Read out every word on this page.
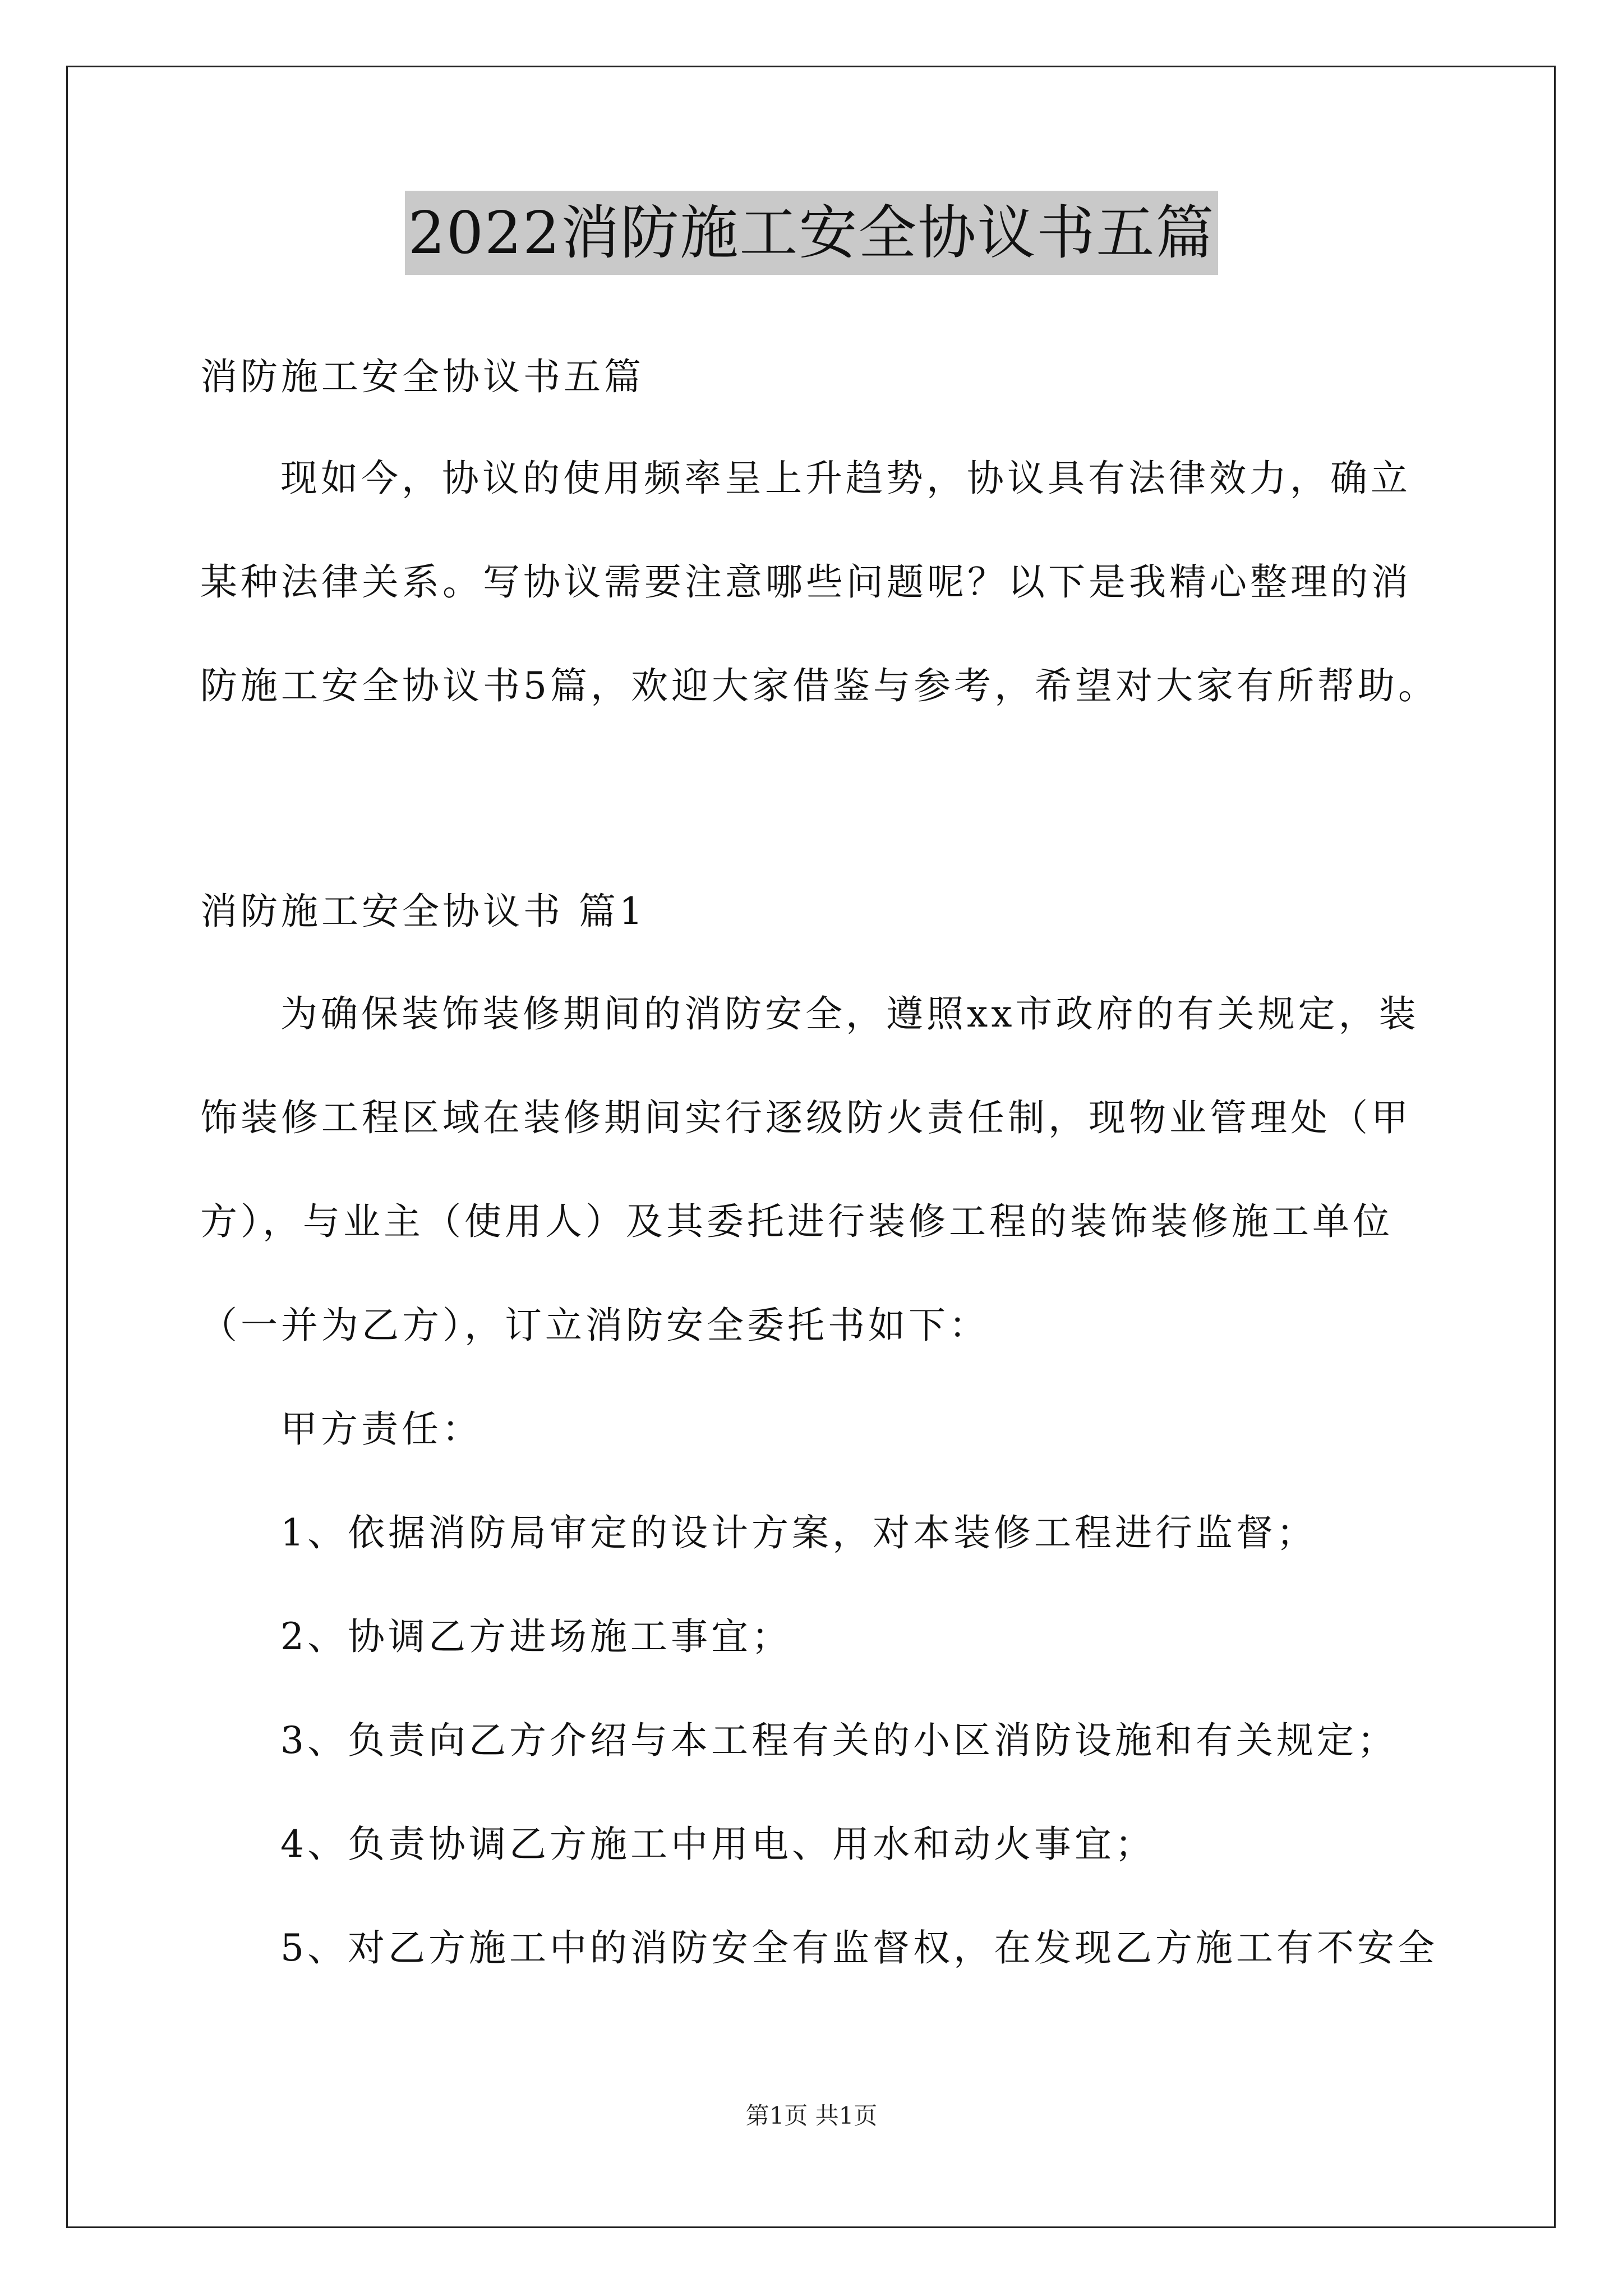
2022消防施工安全协议书五篇
消防施工安全协议书五篇
现如今，协议的使用频率呈上升趋势，协议具有法律效力，确立
某种法律关系。写协议需要注意哪些问题呢？以下是我精心整理的消
防施工安全协议书5篇，欢迎大家借鉴与参考，希望对大家有所帮助。
消防施工安全协议书 篇1
为确保装饰装修期间的消防安全，遵照xx市政府的有关规定，装
饰装修工程区域在装修期间实行逐级防火责任制，现物业管理处（甲
方），与业主（使用人）及其委托进行装修工程的装饰装修施工单位
（一并为乙方），订立消防安全委托书如下：
甲方责任：
1、依据消防局审定的设计方案，对本装修工程进行监督；
2、协调乙方进场施工事宜；
3、负责向乙方介绍与本工程有关的小区消防设施和有关规定；
4、负责协调乙方施工中用电、用水和动火事宜；
5、对乙方施工中的消防安全有监督权，在发现乙方施工有不安全
第1页 共1页
